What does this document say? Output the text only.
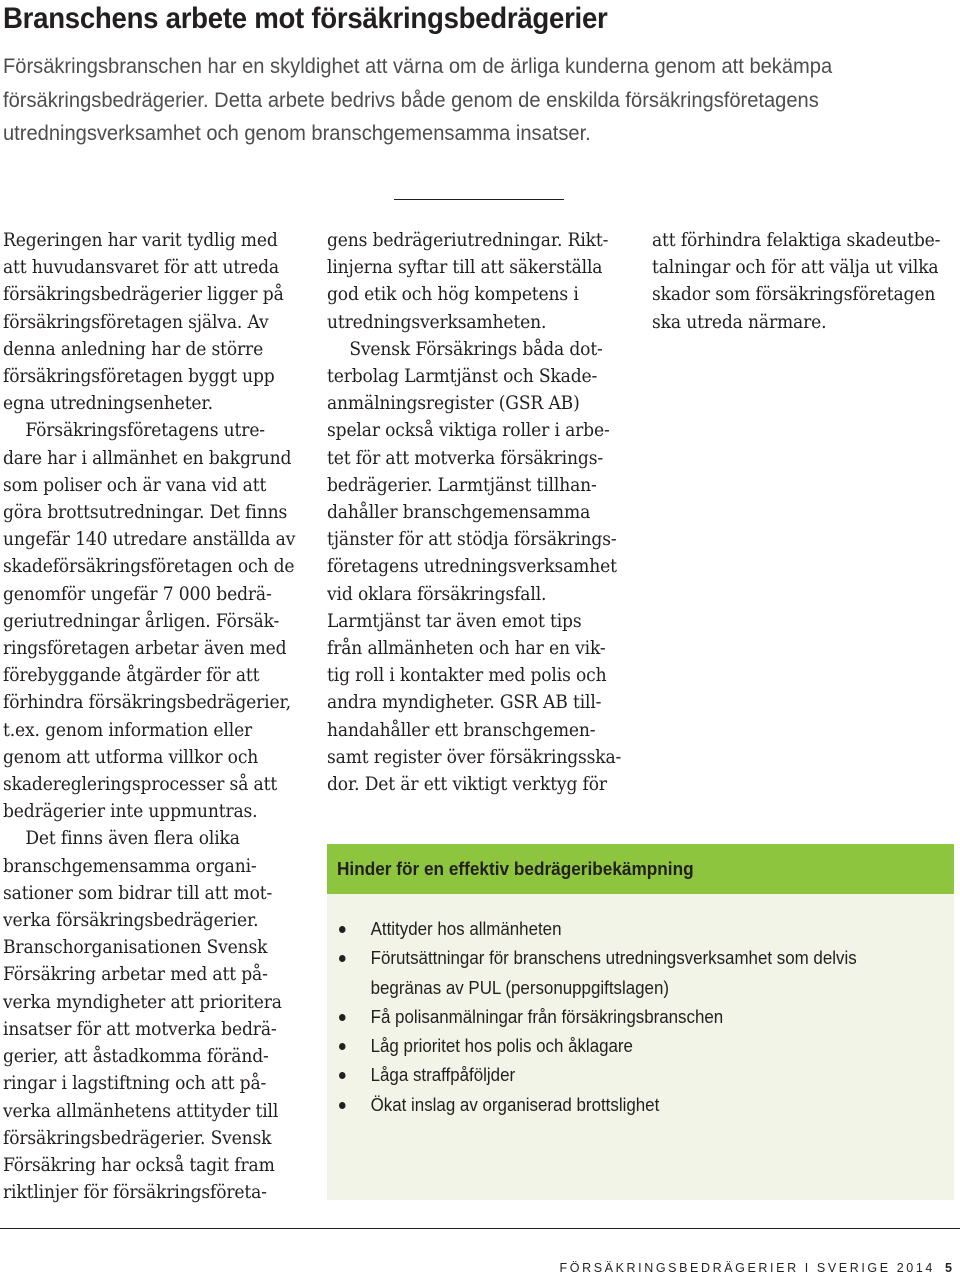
Branschens arbete mot försäkringsbedrägerier
Försäkringsbranschen har en skyldighet att värna om de ärliga kunderna genom att bekämpa
försäkringsbedrägerier. Detta arbete bedrivs både genom de enskilda försäkringsföretagens
utredningsverksamhet och genom branschgemensamma insatser.
Regeringen har varit tydlig med
att huvudansvaret för att utreda
försäkringsbedrägerier ligger på
försäkringsföretagen själva. Av
denna anledning har de större
försäkringsföretagen byggt upp
egna utredningsenheter.
Försäkringsföretagens utre-
dare har i allmänhet en bakgrund
som poliser och är vana vid att
göra brottsutredningar. Det finns
ungefär 140 utredare anställda av
skadeförsäkringsföretagen och de
genomför ungefär 7 000 bedrä-
geriutredningar årligen. Försäk-
ringsföretagen arbetar även med
förebyggande åtgärder för att
förhindra försäkringsbedrägerier,
t.ex. genom information eller
genom att utforma villkor och
skaderegleringsprocesser så att
bedrägerier inte uppmuntras.
Det finns även flera olika
branschgemensamma organi-
sationer som bidrar till att mot-
verka försäkringsbedrägerier.
Branschorganisationen Svensk
Försäkring arbetar med att på-
verka myndigheter att prioritera
insatser för att motverka bedrä-
gerier, att åstadkomma föränd-
ringar i lagstiftning och att på-
verka allmänhetens attityder till
försäkringsbedrägerier. Svensk
Försäkring har också tagit fram
riktlinjer för försäkringsföreta-
gens bedrägeriutredningar. Rikt-
linjerna syftar till att säkerställa
god etik och hög kompetens i
utredningsverksamheten.
Svensk Försäkrings båda dot-
terbolag Larmtjänst och Skade-
anmälningsregister (GSR AB)
spelar också viktiga roller i arbe-
tet för att motverka försäkrings-
bedrägerier. Larmtjänst tillhan-
dahåller branschgemensamma
tjänster för att stödja försäkrings-
företagens utredningsverksamhet
vid oklara försäkringsfall.
Larmtjänst tar även emot tips
från allmänheten och har en vik-
tig roll i kontakter med polis och
andra myndigheter. GSR AB till-
handahåller ett branschgemen-
samt register över försäkringsska-
dor. Det är ett viktigt verktyg för
att förhindra felaktiga skadeutbe-
talningar och för att välja ut vilka
skador som försäkringsföretagen
ska utreda närmare.
Hinder för en effektiv bedrägeribekämpning
Attityder hos allmänheten
Förutsättningar för branschens utredningsverksamhet som delvis
begränas av PUL (personuppgiftslagen)
Få polisanmälningar från försäkringsbranschen
Låg prioritet hos polis och åklagare
Låga straffpåföljder
Ökat inslag av organiserad brottslighet
FÖRSÄKRINGSBEDRÄGERIER I SVERIGE 2014 5
